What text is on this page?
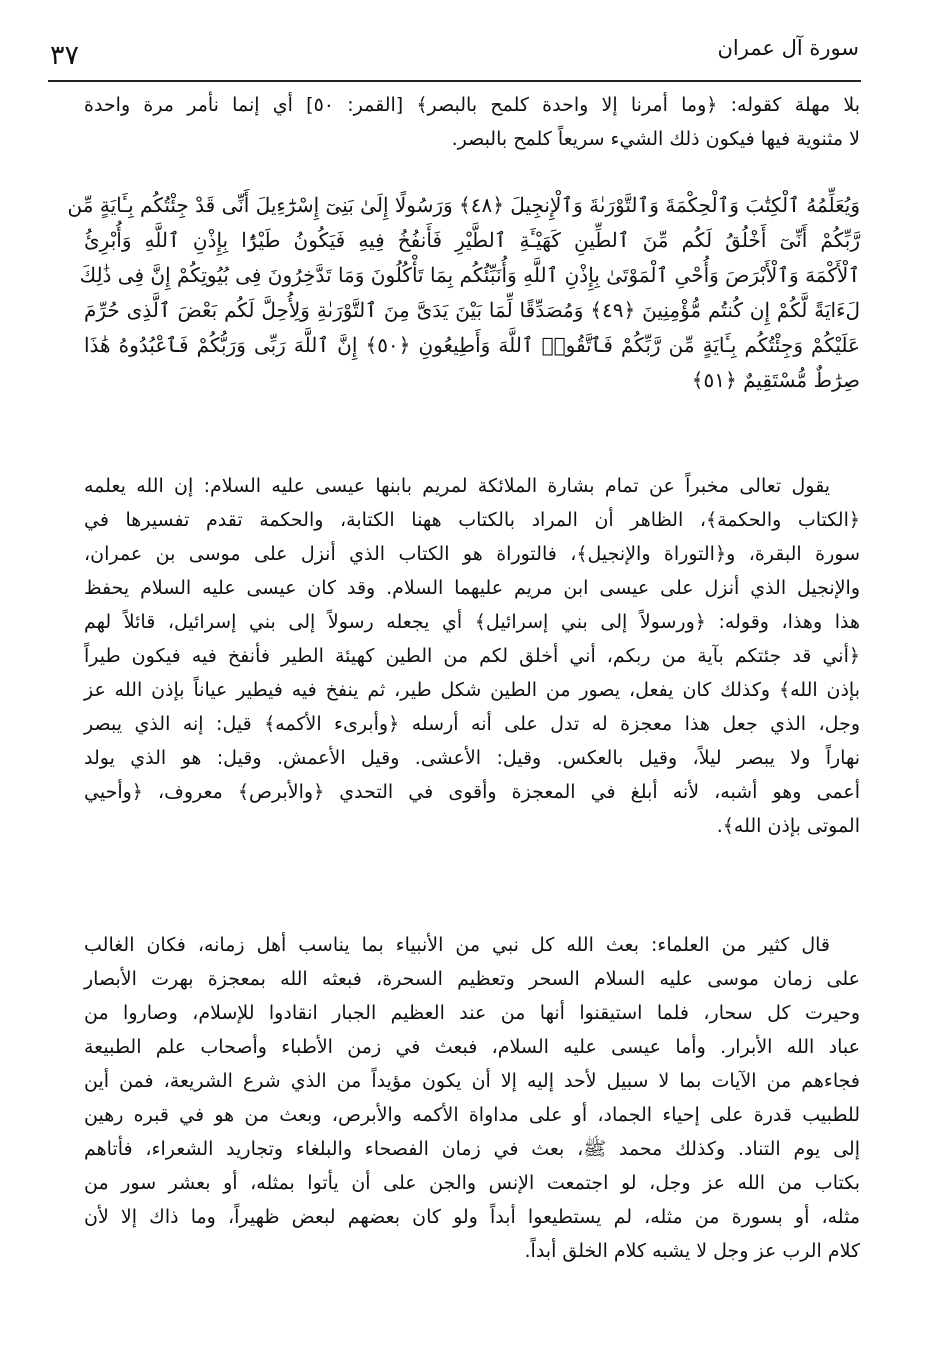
٣٧	سورة آل عمران
بلا مهلة كقوله: ﴿وما أمرنا إلا واحدة كلمح بالبصر﴾ [القمر: ٥٠] أي إنما نأمر مرة واحدة
لا مثنوية فيها فيكون ذلك الشيء سريعاً كلمح بالبصر.
وَيُعَلِّمُهُ ٱلْكِتَٰبَ وَٱلْحِكْمَةَ وَٱلتَّوْرَىٰةَ وَٱلْإِنجِيلَ ﴿٤٨﴾ وَرَسُولًا إِلَىٰ بَنِىٓ إِسْرَٰٓءِيلَ أَنِّى قَدْ جِئْتُكُم بِـَٔايَةٍ مِّن
رَّبِّكُمْ أَنِّىٓ أَخْلُقُ لَكُم مِّنَ ٱلطِّينِ كَهَيْـَٔةِ ٱلطَّيْرِ فَأَنفُخُ فِيهِ فَيَكُونُ طَيْرًۢا بِإِذْنِ ٱللَّهِ وَأُبْرِئُ
ٱلْأَكْمَهَ وَٱلْأَبْرَصَ وَأُحْىِ ٱلْمَوْتَىٰ بِإِذْنِ ٱللَّهِ وَأُنَبِّئُكُم بِمَا تَأْكُلُونَ وَمَا تَدَّخِرُونَ فِى بُيُوتِكُمْ إِنَّ فِى ذَٰلِكَ
لَءَايَةً لَّكُمْ إِن كُنتُم مُّؤْمِنِينَ ﴿٤٩﴾ وَمُصَدِّقًا لِّمَا بَيْنَ يَدَىَّ مِنَ ٱلتَّوْرَىٰةِ وَلِأُحِلَّ لَكُم بَعْضَ ٱلَّذِى حُرِّمَ
عَلَيْكُمْ وَجِئْتُكُم بِـَٔايَةٍ مِّن رَّبِّكُمْ فَٱتَّقُوا۟ ٱللَّهَ وَأَطِيعُونِ ﴿٥٠﴾ إِنَّ ٱللَّهَ رَبِّى وَرَبُّكُمْ فَٱعْبُدُوهُ هَٰذَا
صِرَٰطٌ مُّسْتَقِيمٌ ﴿٥١﴾
يقول تعالى مخبراً عن تمام بشارة الملائكة لمريم بابنها عيسى عليه السلام: إن الله يعلمه
﴿الكتاب والحكمة﴾، الظاهر أن المراد بالكتاب ههنا الكتابة، والحكمة تقدم تفسيرها في
سورة البقرة، و﴿التوراة والإنجيل﴾، فالتوراة هو الكتاب الذي أنزل على موسى بن عمران،
والإنجيل الذي أنزل على عيسى ابن مريم عليهما السلام. وقد كان عيسى عليه السلام يحفظ
هذا وهذا، وقوله: ﴿ورسولاً إلى بني إسرائيل﴾ أي يجعله رسولاً إلى بني إسرائيل، قائلاً لهم
﴿أني قد جئتكم بآية من ربكم، أني أخلق لكم من الطين كهيئة الطير فأنفخ فيه فيكون طيراً
بإذن الله﴾ وكذلك كان يفعل، يصور من الطين شكل طير، ثم ينفخ فيه فيطير عياناً بإذن الله عز
وجل، الذي جعل هذا معجزة له تدل على أنه أرسله ﴿وأبرىء الأكمه﴾ قيل: إنه الذي يبصر
نهاراً ولا يبصر ليلاً، وقيل بالعكس. وقيل: الأعشى. وقيل الأعمش. وقيل: هو الذي يولد
أعمى وهو أشبه، لأنه أبلغ في المعجزة وأقوى في التحدي ﴿والأبرص﴾ معروف، ﴿وأحيي
الموتى بإذن الله﴾.
قال كثير من العلماء: بعث الله كل نبي من الأنبياء بما يناسب أهل زمانه، فكان الغالب
على زمان موسى عليه السلام السحر وتعظيم السحرة، فبعثه الله بمعجزة بهرت الأبصار
وحيرت كل سحار، فلما استيقنوا أنها من عند العظيم الجبار انقادوا للإسلام، وصاروا من
عباد الله الأبرار. وأما عيسى عليه السلام، فبعث في زمن الأطباء وأصحاب علم الطبيعة
فجاءهم من الآيات بما لا سبيل لأحد إليه إلا أن يكون مؤيداً من الذي شرع الشريعة، فمن أين
للطبيب قدرة على إحياء الجماد، أو على مداواة الأكمه والأبرص، وبعث من هو في قبره رهين
إلى يوم التناد. وكذلك محمد ﷺ، بعث في زمان الفصحاء والبلغاء وتجاريد الشعراء، فأتاهم
بكتاب من الله عز وجل، لو اجتمعت الإنس والجن على أن يأتوا بمثله، أو بعشر سور من
مثله، أو بسورة من مثله، لم يستطيعوا أبداً ولو كان بعضهم لبعض ظهيراً، وما ذاك إلا لأن
كلام الرب عز وجل لا يشبه كلام الخلق أبداً.
